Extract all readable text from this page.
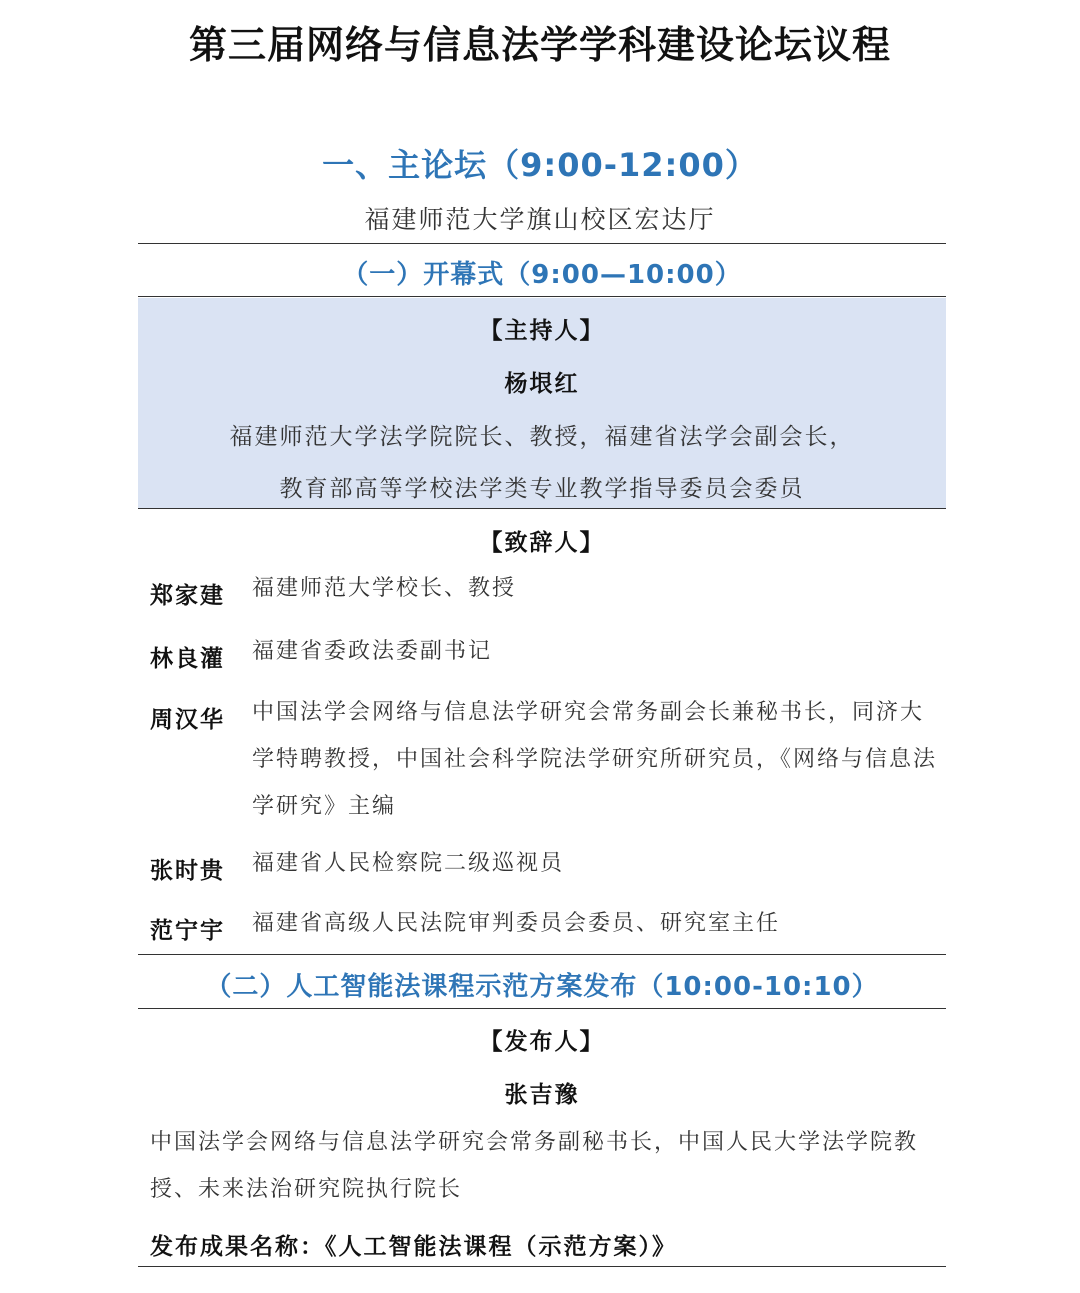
第三届网络与信息法学学科建设论坛议程
一、主论坛（9:00-12:00）
福建师范大学旗山校区宏达厅
（一）开幕式（9:00—10:00）
【主持人】
杨垠红
福建师范大学法学院院长、教授，福建省法学会副会长，
教育部高等学校法学类专业教学指导委员会委员
【致辞人】
郑家建 福建师范大学校长、教授
林良灌 福建省委政法委副书记
周汉华 中国法学会网络与信息法学研究会常务副会长兼秘书长，同济大学特聘教授，中国社会科学院法学研究所研究员，《网络与信息法学研究》主编
张时贵 福建省人民检察院二级巡视员
范宁宇 福建省高级人民法院审判委员会委员、研究室主任
（二）人工智能法课程示范方案发布（10:00-10:10）
【发布人】
张吉豫
中国法学会网络与信息法学研究会常务副秘书长，中国人民大学法学院教授、未来法治研究院执行院长
发布成果名称：《人工智能法课程（示范方案）》
